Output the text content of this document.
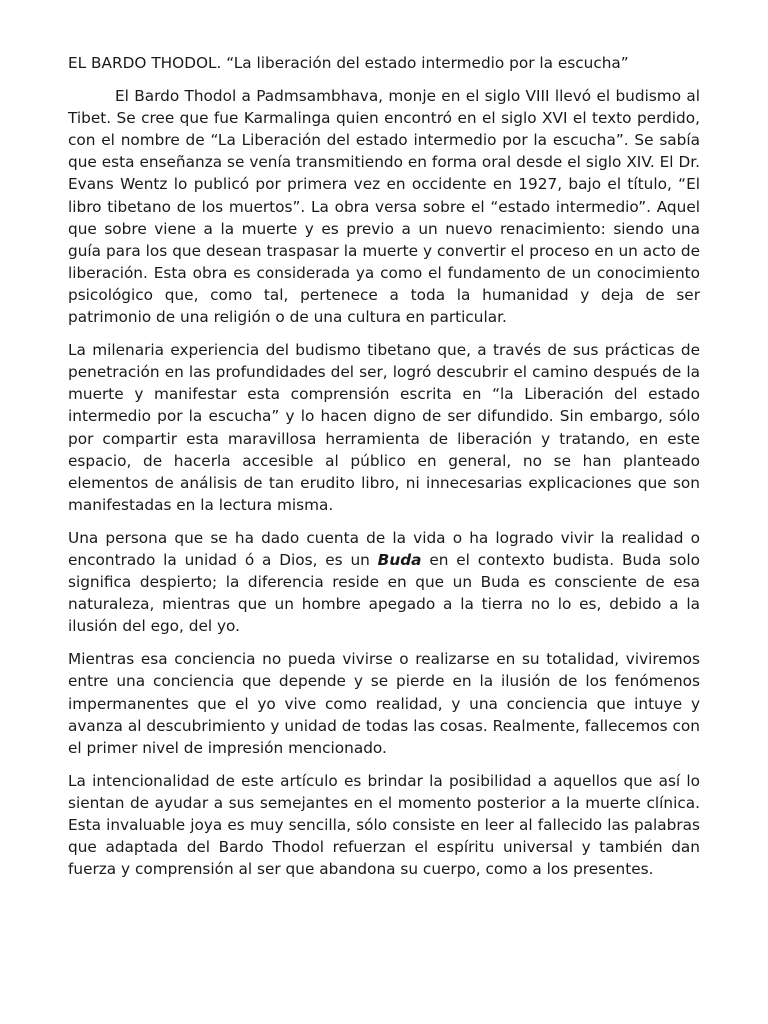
EL BARDO THODOL. “La liberación del estado intermedio por la escucha”

El Bardo Thodol a Padmsambhava, monje en el siglo VIII llevó el budismo al Tibet. Se cree que fue Karmalinga quien encontró en el siglo XVI el texto perdido, con el nombre de “La Liberación del estado intermedio por la escucha”. Se sabía que esta enseñanza se venía transmitiendo en forma oral desde el siglo XIV. El Dr. Evans Wentz lo publicó por primera vez en occidente en 1927, bajo el título, “El libro tibetano de los muertos”. La obra versa sobre el “estado intermedio”. Aquel que sobre viene a la muerte y es previo a un nuevo renacimiento: siendo una guía para los que desean traspasar la muerte y convertir el proceso en un acto de liberación. Esta obra es considerada ya como el fundamento de un conocimiento psicológico que, como tal, pertenece a toda la humanidad y deja de ser patrimonio de una religión o de una cultura en particular.

La milenaria experiencia del budismo tibetano que, a través de sus prácticas de penetración en las profundidades del ser, logró descubrir el camino después de la muerte y manifestar esta comprensión escrita en “la Liberación del estado intermedio por la escucha” y lo hacen digno de ser difundido. Sin embargo, sólo por compartir esta maravillosa herramienta de liberación y tratando, en este espacio, de hacerla accesible al público en general, no se han planteado elementos de análisis de tan erudito libro, ni innecesarias explicaciones que son manifestadas en la lectura misma.

Una persona que se ha dado cuenta de la vida o ha logrado vivir la realidad o encontrado la unidad ó a Dios, es un Buda en el contexto budista. Buda solo significa despierto; la diferencia reside en que un Buda es consciente de esa naturaleza, mientras que un hombre apegado a la tierra no lo es, debido a la ilusión del ego, del yo.

Mientras esa conciencia no pueda vivirse o realizarse en su totalidad, viviremos entre una conciencia que depende y se pierde en la ilusión de los fenómenos impermanentes que el yo vive como realidad, y una conciencia que intuye y avanza al descubrimiento y unidad de todas las cosas. Realmente, fallecemos con el primer nivel de impresión mencionado.

La intencionalidad de este artículo es brindar la posibilidad a aquellos que así lo sientan de ayudar a sus semejantes en el momento posterior a la muerte clínica. Esta invaluable joya es muy sencilla, sólo consiste en leer al fallecido las palabras que adaptada del Bardo Thodol refuerzan el espíritu universal y también dan fuerza y comprensión al ser que abandona su cuerpo, como a los presentes.
